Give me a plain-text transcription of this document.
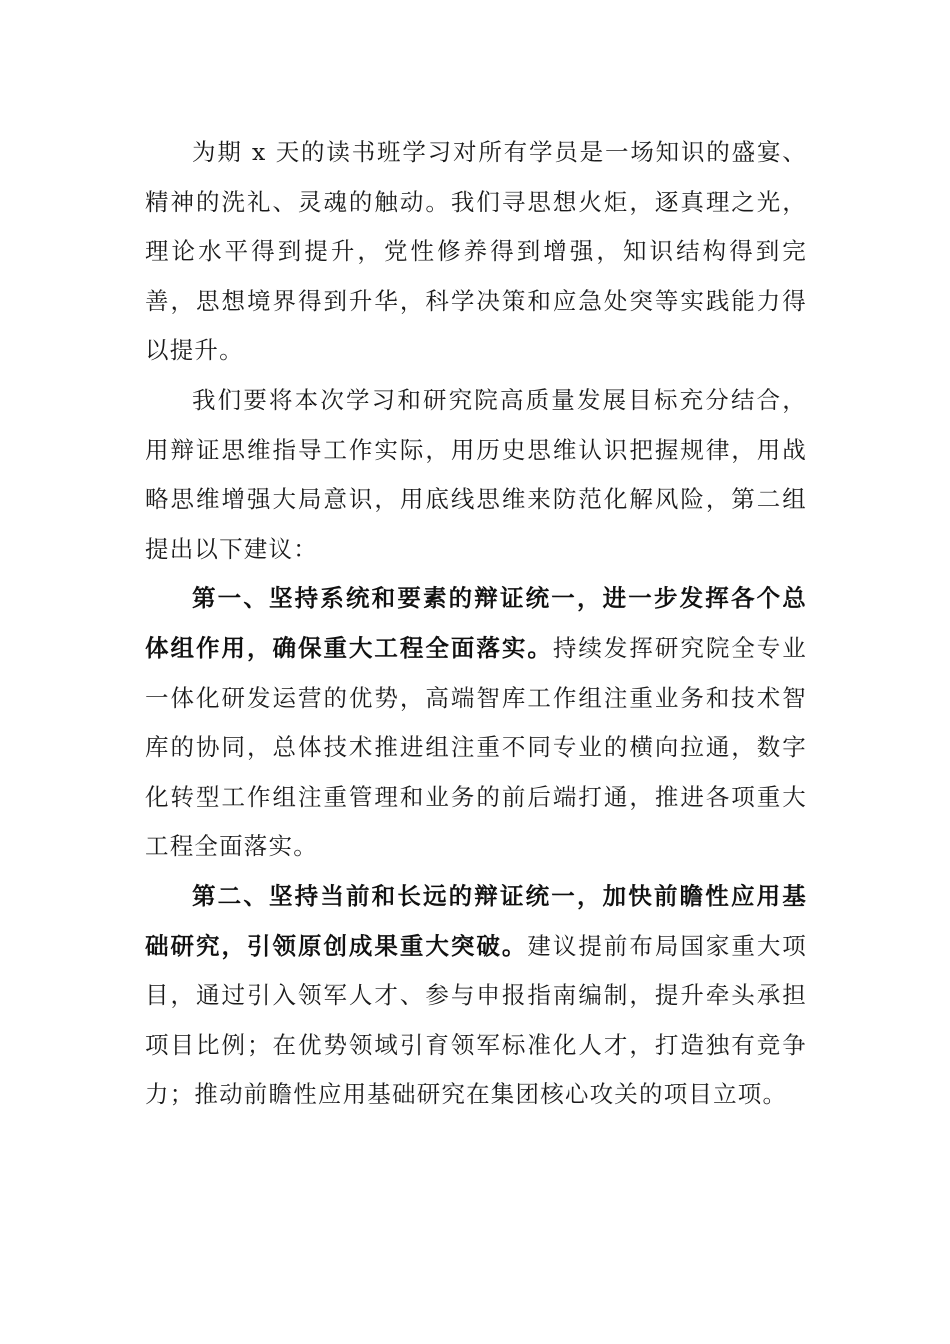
为期 x 天的读书班学习对所有学员是一场知识的盛宴、精神的洗礼、灵魂的触动。我们寻思想火炬，逐真理之光，理论水平得到提升，党性修养得到增强，知识结构得到完善，思想境界得到升华，科学决策和应急处突等实践能力得以提升。

我们要将本次学习和研究院高质量发展目标充分结合，用辩证思维指导工作实际，用历史思维认识把握规律，用战略思维增强大局意识，用底线思维来防范化解风险，第二组提出以下建议：

第一、坚持系统和要素的辩证统一，进一步发挥各个总体组作用，确保重大工程全面落实。持续发挥研究院全专业一体化研发运营的优势，高端智库工作组注重业务和技术智库的协同，总体技术推进组注重不同专业的横向拉通，数字化转型工作组注重管理和业务的前后端打通，推进各项重大工程全面落实。

第二、坚持当前和长远的辩证统一，加快前瞻性应用基础研究，引领原创成果重大突破。建议提前布局国家重大项目，通过引入领军人才、参与申报指南编制，提升牵头承担项目比例；在优势领域引育领军标准化人才，打造独有竞争力；推动前瞻性应用基础研究在集团核心攻关的项目立项。
